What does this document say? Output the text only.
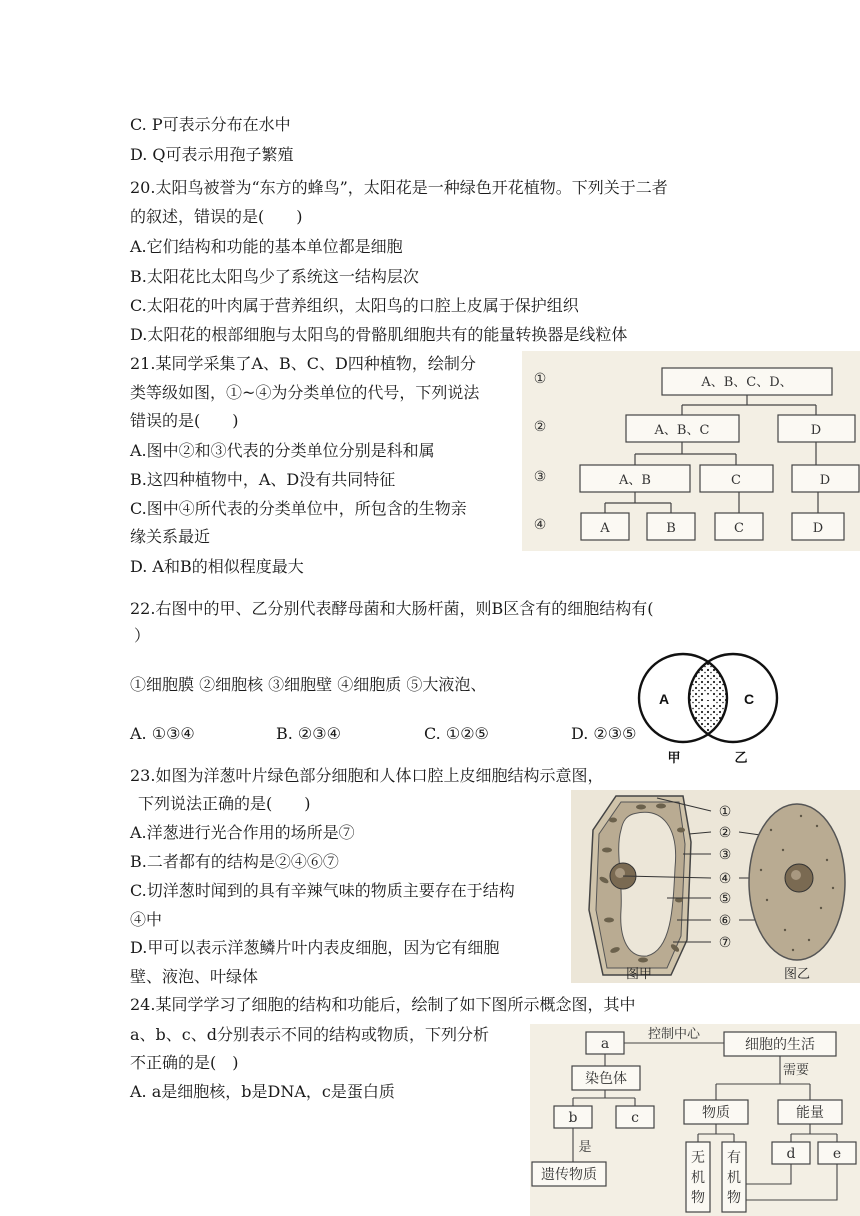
C. P可表示分布在水中
D. Q可表示用孢子繁殖
20.太阳鸟被誉为“东方的蜂鸟”，太阳花是一种绿色开花植物。下列关于二者
的叙述，错误的是(　　)
A.它们结构和功能的基本单位都是细胞
B.太阳花比太阳鸟少了系统这一结构层次
C.太阳花的叶肉属于营养组织，太阳鸟的口腔上皮属于保护组织
D.太阳花的根部细胞与太阳鸟的骨骼肌细胞共有的能量转换器是线粒体
21.某同学采集了A、B、C、D四种植物，绘制分
类等级如图，①~④为分类单位的代号，下列说法
错误的是(　　)
A.图中②和③代表的分类单位分别是科和属
B.这四种植物中，A、D没有共同特征
C.图中④所代表的分类单位中，所包含的生物亲
缘关系最近
D. A和B的相似程度最大
①
②
③
④
A、B、C、D、
A、B、C	D
A、B	C	D
A	B	C	D
22.右图中的甲、乙分别代表酵母菌和大肠杆菌，则B区含有的细胞结构有(
）
①细胞膜 ②细胞核 ③细胞壁 ④细胞质 ⑤大液泡、
A. ①③④	B. ②③④	C. ①②⑤	D. ②③⑤
A B C
甲	乙
23.如图为洋葱叶片绿色部分细胞和人体口腔上皮细胞结构示意图，
下列说法正确的是(　　)
A.洋葱进行光合作用的场所是⑦
B.二者都有的结构是②④⑥⑦
C.切洋葱时闻到的具有辛辣气味的物质主要存在于结构
④中
D.甲可以表示洋葱鳞片叶内表皮细胞，因为它有细胞
壁、液泡、叶绿体
①
②
③
④
⑤
⑥
⑦
图甲	图乙
24.某同学学习了细胞的结构和功能后，绘制了如下图所示概念图，其中
a、b、c、d分别表示不同的结构或物质，下列分析
不正确的是(　)
A. a是细胞核，b是DNA，c是蛋白质
a
控制中心
细胞的生活
染色体
需要
b	c	物质	能量
是
遗传物质
无
机
物
有
机
物
d	e
